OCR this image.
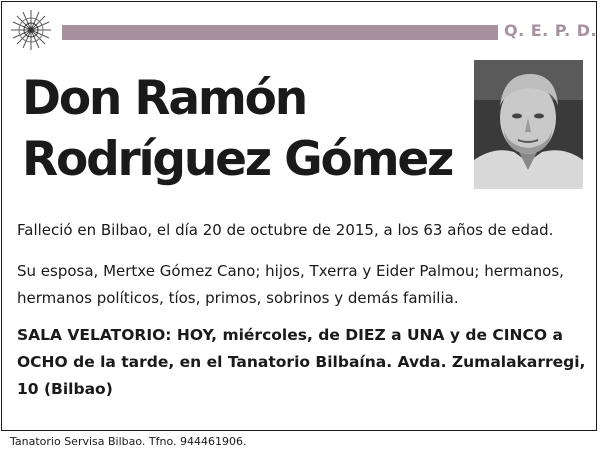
Q. E. P. D.
Don Ramón
Rodríguez Gómez
Falleció en Bilbao, el día 20 de octubre de 2015, a los 63 años de edad.
Su esposa, Mertxe Gómez Cano; hijos, Txerra y Eider Palmou; hermanos, hermanos políticos, tíos, primos, sobrinos y demás familia.
SALA VELATORIO: HOY, miércoles, de DIEZ a UNA y de CINCO a OCHO de la tarde, en el Tanatorio Bilbaína. Avda. Zumalakarregi, 10 (Bilbao)
Tanatorio Servisa Bilbao. Tfno. 944461906.
